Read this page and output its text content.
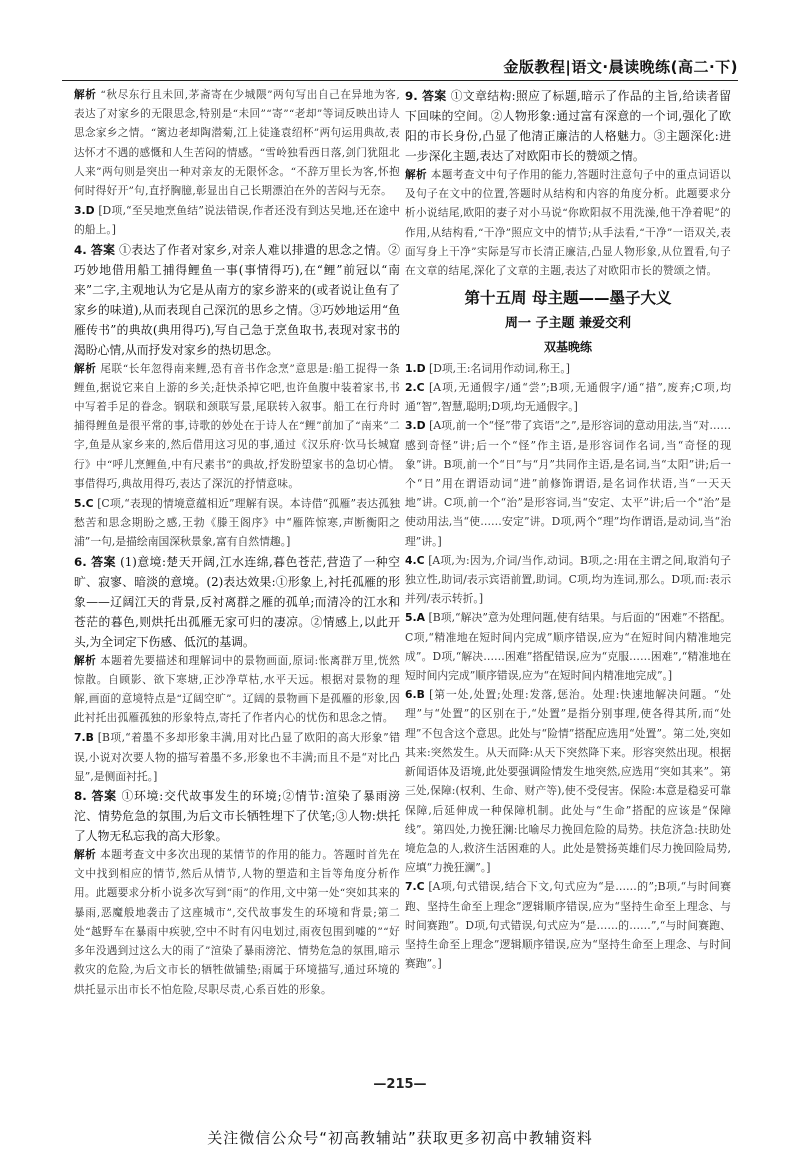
金版教程|语文·晨读晚练(高二·下)

解析 “秋尽东行且未回,茅斋寄在少城隈”两句写出自己在异地为客,表达了对家乡的无限思念,特别是“未回”“寄”“老却”等词反映出诗人思念家乡之情。“篱边老却陶潜菊,江上徒逢袁绍杯”两句运用典故,表达怀才不遇的感慨和人生苦闷的情感。“雪岭独看西日落,剑门犹阻北人来”两句则是突出一种对亲友的无限怀念。“不辞万里长为客,怀抱何时得好开”句,直抒胸臆,彰显出自己长期漂泊在外的苦闷与无奈。

3.D [D项,“至吴地烹鱼结”说法错误,作者还没有到达吴地,还在途中的船上。]

4. 答案 ①表达了作者对家乡,对亲人难以排遣的思念之情。②巧妙地借用船工捕得鲤鱼一事(事情得巧),在“鲤”前冠以“南来”二字,主观地认为它是从南方的家乡游来的(或者说让鱼有了家乡的味道),从而表现自己深沉的思乡之情。③巧妙地运用“鱼雁传书”的典故(典用得巧),写自己急于烹鱼取书,表现对家书的渴盼心情,从而抒发对家乡的热切思念。

解析 尾联“长年忽得南来鲤,恐有音书作念烹”意思是:船工捉得一条鲤鱼,据说它来自上游的乡关;赶快杀掉它吧,也许鱼腹中装着家书,书中写着手足的眷念。钢联和颈联写景,尾联转入叙事。船工在行舟时捕得鲤鱼是很平常的事,诗歌的妙处在于诗人在“鲤”前加了“南来”二字,鱼是从家乡来的,然后借用这习见的事,通过《汉乐府·饮马长城窟行》中“呼儿烹鲤鱼,中有尺素书”的典故,抒发盼望家书的急切心情。事借得巧,典故用得巧,表达了深沉的抒情意味。

5.C [C项,“表现的情境意蕴相近”理解有误。本诗借“孤雁”表达孤独愁苦和思念期盼之感,王勃《滕王阁序》中“雁阵惊寒,声断衡阳之浦”一句,是描绘南国深秋景象,富有自然情趣。]

6. 答案 (1)意境:楚天开阔,江水连绵,暮色苍茫,营造了一种空旷、寂寥、暗淡的意境。(2)表达效果:①形象上,衬托孤雁的形象——辽阔江天的背景,反衬离群之雁的孤单;而清冷的江水和苍茫的暮色,则烘托出孤雁无家可归的凄凉。②情感上,以此开头,为全词定下伤感、低沉的基调。

解析 本题着先要描述和理解词中的景物画面,原词:怅离群万里,恍然惊散。自顾影、欲下寒塘,正沙净草枯,水平天远。根据对景物的理解,画面的意境特点是“辽阔空旷”。辽阔的景物画下是孤雁的形象,因此衬托出孤雁孤独的形象特点,寄托了作者内心的忧伤和思念之情。

7.B [B项,“着墨不多却形象丰满,用对比凸显了欧阳的高大形象”错误,小说对次要人物的描写着墨不多,形象也不丰满;而且不是“对比凸显”,是侧面衬托。]

8. 答案 ①环境:交代故事发生的环境;②情节:渲染了暴雨滂沱、情势危急的氛围,为后文市长牺牲埋下了伏笔;③人物:烘托了人物无私忘我的高大形象。

解析 本题考查文中多次出现的某情节的作用的能力。答题时首先在文中找到相应的情节,然后从情节,人物的塑造和主旨等角度分析作用。此题要求分析小说多次写到“雨”的作用,文中第一处“突如其来的暴雨,恶魔般地袭击了这座城市”,交代故事发生的环境和背景;第二处“越野车在暴雨中疾驶,空中不时有闪电划过,雨夜包围到嘘的”“好多年没遇到过这么大的雨了”渲染了暴雨滂沱、情势危急的氛围,暗示救灾的危险,为后文市长的牺牲做铺垫;雨属于环境描写,通过环境的烘托显示出市长不怕危险,尽职尽责,心系百姓的形象。

9. 答案 ①文章结构:照应了标题,暗示了作品的主旨,给读者留下回味的空间。②人物形象:通过富有深意的一个词,强化了欧阳的市长身份,凸显了他清正廉洁的人格魅力。③主题深化:进一步深化主题,表达了对欧阳市长的赞颂之情。

解析 本题考查文中句子作用的能力,答题时注意句子中的重点词语以及句子在文中的位置,答题时从结构和内容的角度分析。此题要求分析小说结尾,欧阳的妻子对小马说“你欧阳叔不用洗澡,他干净着呢”的作用,从结构看,“干净”照应文中的情节;从手法看,“干净”一语双关,表面写身上干净”实际是写市长清正廉洁,凸显人物形象,从位置看,句子在文章的结尾,深化了文章的主题,表达了对欧阳市长的赞颂之情。

第十五周 母主题——墨子大义
周一 子主题 兼爱交利
双基晚练

1.D [D项,王:名词用作动词,称王。]

2.C [A项,无通假字/通“尝”;B项,无通假字/通“措”,废弃;C项,均通“智”,智慧,聪明;D项,均无通假字。]

3.D [A项,前一个“怪”带了宾语“之”,是形容词的意动用法,当“对……感到奇怪”讲;后一个“怪”作主语,是形容词作名词,当“奇怪的现象”讲。B项,前一个“日”与“月”共同作主语,是名词,当“太阳”讲;后一个“日”用在谓语动词“进”前修饰谓语,是名词作状语,当“一天天地”讲。C项,前一个“治”是形容词,当“安定、太平”讲;后一个“治”是使动用法,当“使……安定”讲。D项,两个“理”均作谓语,是动词,当“治理”讲。]

4.C [A项,为:因为,介词/当作,动词。B项,之:用在主谓之间,取消句子独立性,助词/表示宾语前置,助词。C项,均为连词,那么。D项,而:表示并列/表示转折。]

5.A [B项,“解决”意为处理问题,使有结果。与后面的“困难”不搭配。C项,“精准地在短时间内完成”顺序错误,应为“在短时间内精准地完成”。D项,“解决……困难”搭配错误,应为“克服……困难”,“精准地在短时间内完成”顺序错误,应为“在短时间内精准地完成”。]

6.B [第一处,处置;处理:发落,惩治。处理:快速地解决问题。“处理”与“处置”的区别在于,“处置”是指分别事理,使各得其所,而“处理”不包含这个意思。此处与“险情”搭配应选用“处置”。第二处,突如其来:突然发生。从天而降:从天下突然降下来。形容突然出现。根据新闻语体及语境,此处要强调险情发生地突然,应选用“突如其来”。第三处,保障:(权利、生命、财产等),使不受侵害。保险:本意是稳妥可靠保障,后延伸成一种保障机制。此处与“生命”搭配的应该是“保障线”。第四处,力挽狂澜:比喻尽力挽回危险的局势。扶危济急:扶助处境危急的人,救济生活困难的人。此处是赞扬英雄们尽力挽回险局势,应填“力挽狂澜”。]

7.C [A项,句式错误,结合下文,句式应为“是……的”;B项,“与时间赛跑、坚持生命至上理念”逻辑顺序错误,应为“坚持生命至上理念、与时间赛跑”。D项,句式错误,句式应为“是……的……”,“与时间赛跑、坚持生命至上理念”逻辑顺序错误,应为“坚持生命至上理念、与时间赛跑”。]

—215—
关注微信公众号“初高教辅站”获取更多初高中教辅资料
